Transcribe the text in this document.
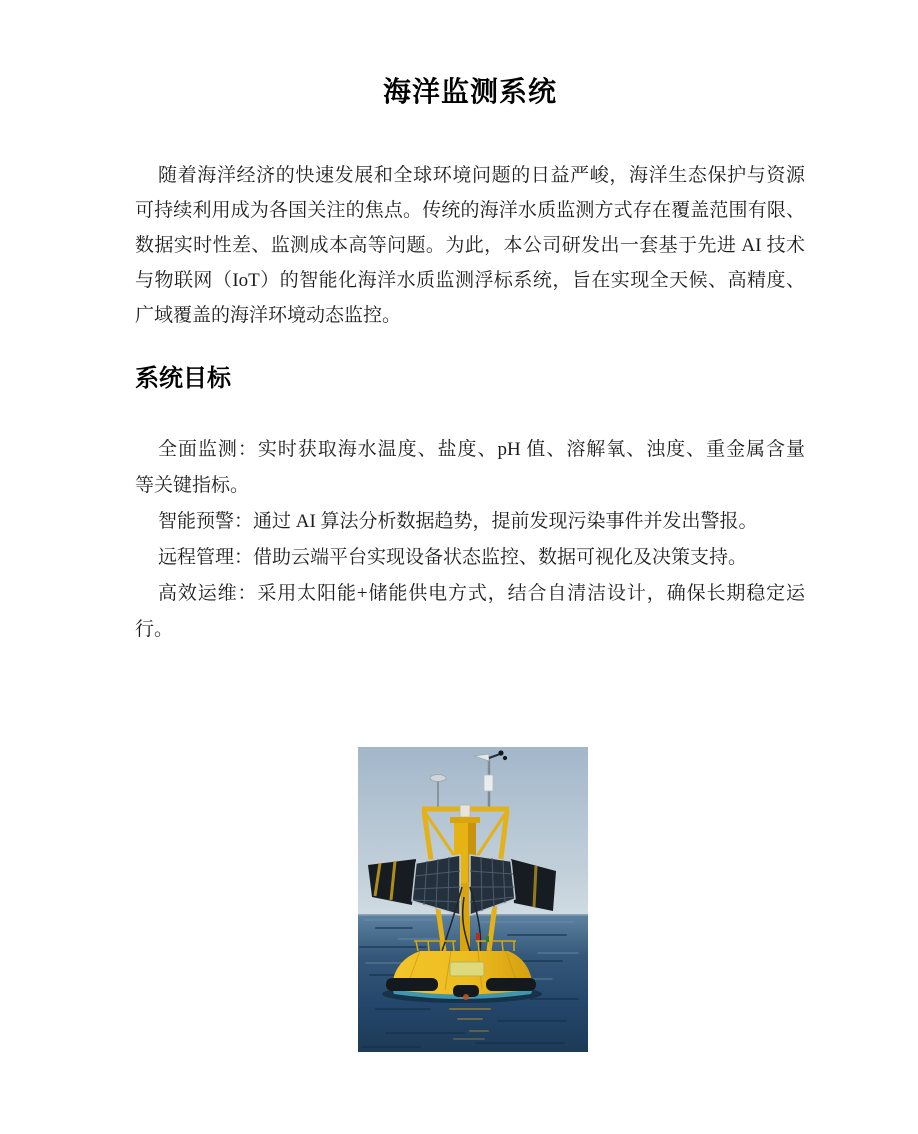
海洋监测系统
随着海洋经济的快速发展和全球环境问题的日益严峻，海洋生态保护与资源
可持续利用成为各国关注的焦点。传统的海洋水质监测方式存在覆盖范围有限、
数据实时性差、监测成本高等问题。为此，本公司研发出一套基于先进 AI 技术
与物联网（IoT）的智能化海洋水质监测浮标系统，旨在实现全天候、高精度、
广域覆盖的海洋环境动态监控。
系统目标
全面监测：实时获取海水温度、盐度、pH 值、溶解氧、浊度、重金属含量
等关键指标。
智能预警：通过 AI 算法分析数据趋势，提前发现污染事件并发出警报。
远程管理：借助云端平台实现设备状态监控、数据可视化及决策支持。
高效运维：采用太阳能+储能供电方式，结合自清洁设计，确保长期稳定运
行。
